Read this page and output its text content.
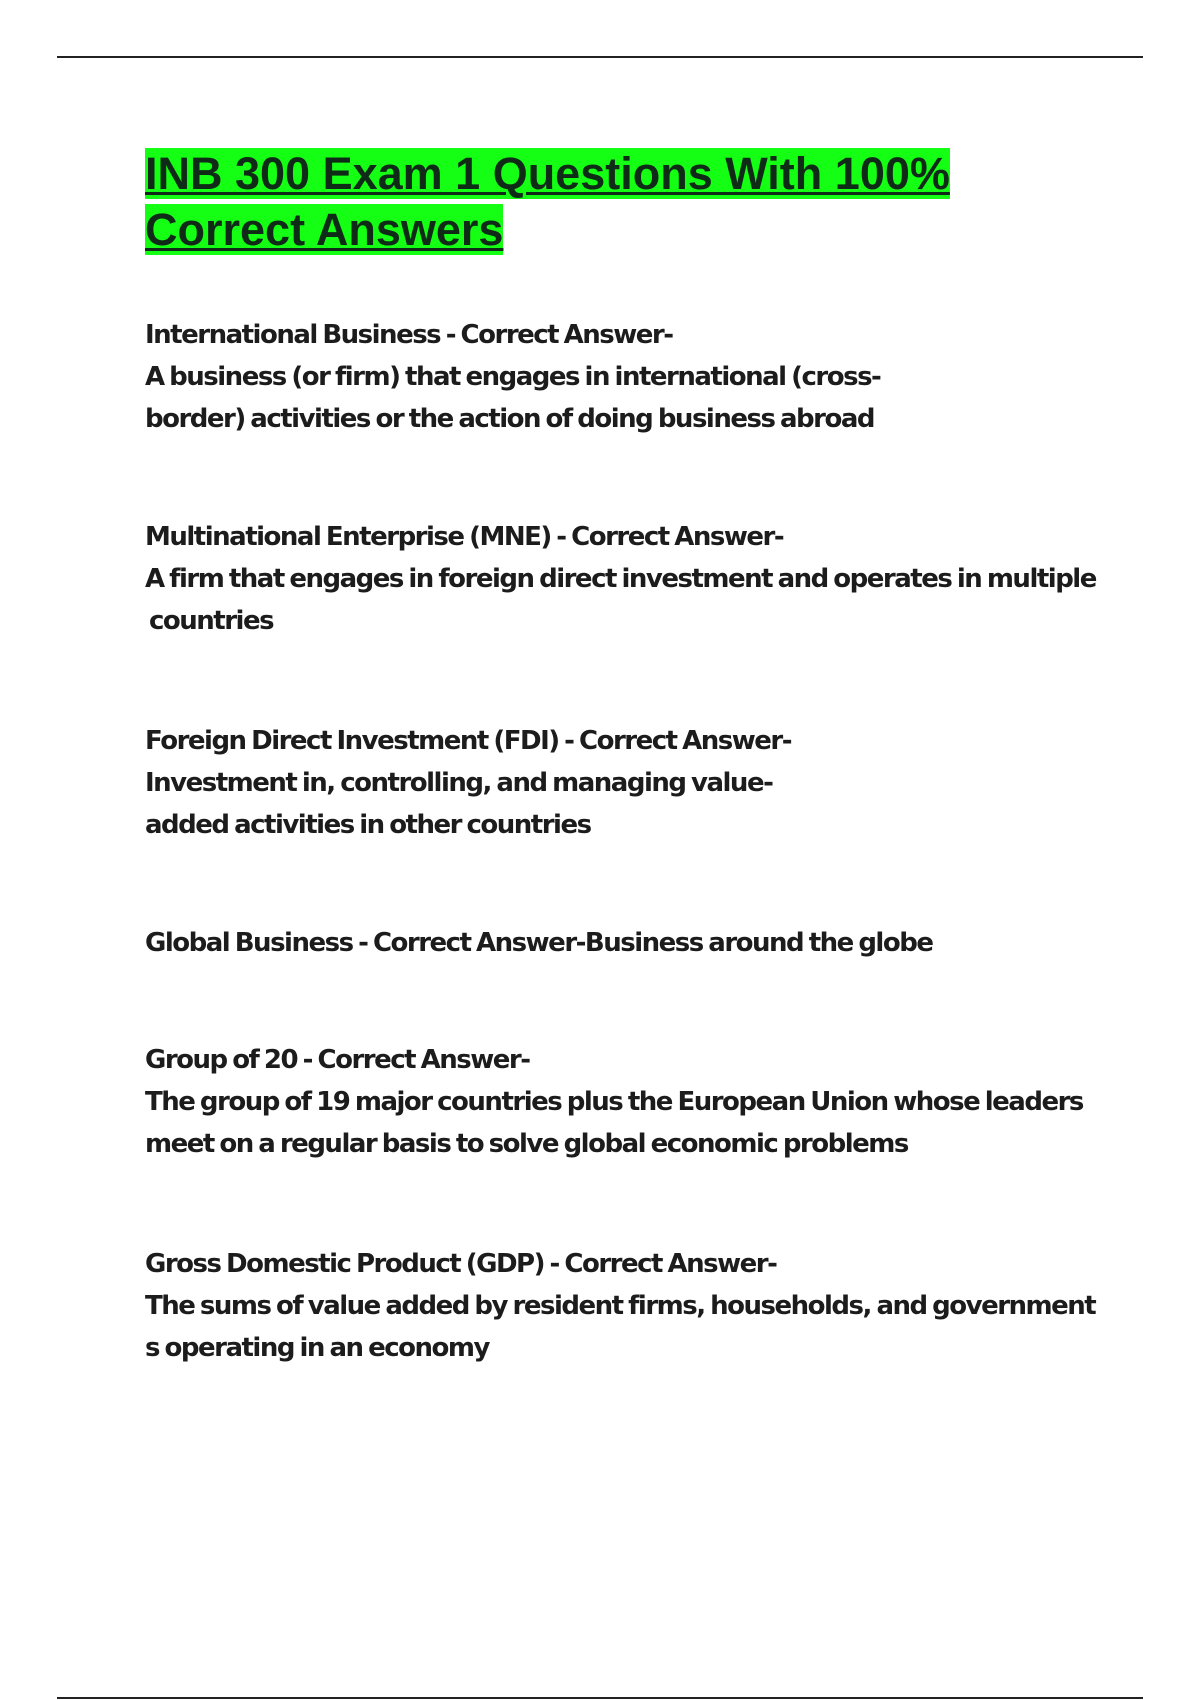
INB 300 Exam 1 Questions With 100%
Correct Answers
International Business - Correct Answer-
A business (or firm) that engages in international (cross-
border) activities or the action of doing business abroad
Multinational Enterprise (MNE) - Correct Answer-
A firm that engages in foreign direct investment and operates in multiple
countries
Foreign Direct Investment (FDI) - Correct Answer-
Investment in, controlling, and managing value-
added activities in other countries
Global Business - Correct Answer-Business around the globe
Group of 20 - Correct Answer-
The group of 19 major countries plus the European Union whose leaders
meet on a regular basis to solve global economic problems
Gross Domestic Product (GDP) - Correct Answer-
The sums of value added by resident firms, households, and government
s operating in an economy
